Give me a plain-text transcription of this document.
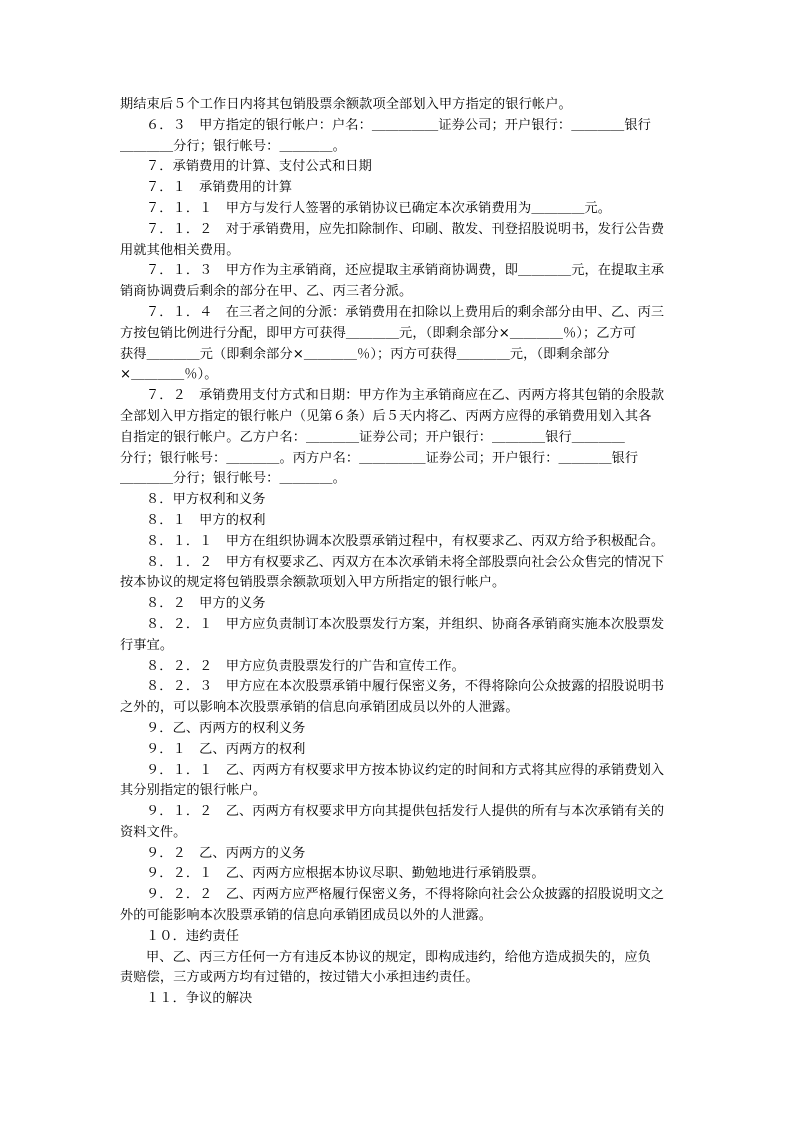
期结束后５个工作日内将其包销股票余额款项全部划入甲方指定的银行帐户。
６．３　甲方指定的银行帐户：户名：＿＿＿＿＿证券公司；开户银行：＿＿＿＿银行
＿＿＿＿分行；银行帐号：＿＿＿＿。
７．承销费用的计算、支付公式和日期
７．１　承销费用的计算
７．１．１　甲方与发行人签署的承销协议已确定本次承销费用为＿＿＿＿元。
７．１．２　对于承销费用，应先扣除制作、印刷、散发、刊登招股说明书，发行公告费
用就其他相关费用。
７．１．３　甲方作为主承销商，还应提取主承销商协调费，即＿＿＿＿元，在提取主承
销商协调费后剩余的部分在甲、乙、丙三者分派。
７．１．４　在三者之间的分派：承销费用在扣除以上费用后的剩余部分由甲、乙、丙三
方按包销比例进行分配，即甲方可获得＿＿＿＿元，（即剩余部分×＿＿＿＿％）；乙方可
获得＿＿＿＿元（即剩余部分×＿＿＿＿％）；丙方可获得＿＿＿＿元，（即剩余部分
×＿＿＿＿％）。
７．２　承销费用支付方式和日期：甲方作为主承销商应在乙、丙两方将其包销的余股款
全部划入甲方指定的银行帐户（见第６条）后５天内将乙、丙两方应得的承销费用划入其各
自指定的银行帐户。乙方户名：＿＿＿＿证券公司；开户银行：＿＿＿＿银行＿＿＿＿
分行；银行帐号：＿＿＿＿。丙方户名：＿＿＿＿＿证券公司；开户银行：＿＿＿＿银行
＿＿＿＿分行；银行帐号：＿＿＿＿。
８．甲方权利和义务
８．１　甲方的权利
８．１．１　甲方在组织协调本次股票承销过程中，有权要求乙、丙双方给予积极配合。
８．１．２　甲方有权要求乙、丙双方在本次承销未将全部股票向社会公众售完的情况下
按本协议的规定将包销股票余额款项划入甲方所指定的银行帐户。
８．２　甲方的义务
８．２．１　甲方应负责制订本次股票发行方案，并组织、协商各承销商实施本次股票发
行事宜。
８．２．２　甲方应负责股票发行的广告和宣传工作。
８．２．３　甲方应在本次股票承销中履行保密义务，不得将除向公众披露的招股说明书
之外的，可以影响本次股票承销的信息向承销团成员以外的人泄露。
９．乙、丙两方的权利义务
９．１　乙、丙两方的权利
９．１．１　乙、丙两方有权要求甲方按本协议约定的时间和方式将其应得的承销费划入
其分别指定的银行帐户。
９．１．２　乙、丙两方有权要求甲方向其提供包括发行人提供的所有与本次承销有关的
资料文件。
９．２　乙、丙两方的义务
９．２．１　乙、丙两方应根据本协议尽职、勤勉地进行承销股票。
９．２．２　乙、丙两方应严格履行保密义务，不得将除向社会公众披露的招股说明文之
外的可能影响本次股票承销的信息向承销团成员以外的人泄露。
１０．违约责任
甲、乙、丙三方任何一方有违反本协议的规定，即构成违约，给他方造成损失的，应负
责赔偿，三方或两方均有过错的，按过错大小承担违约责任。
１１．争议的解决
